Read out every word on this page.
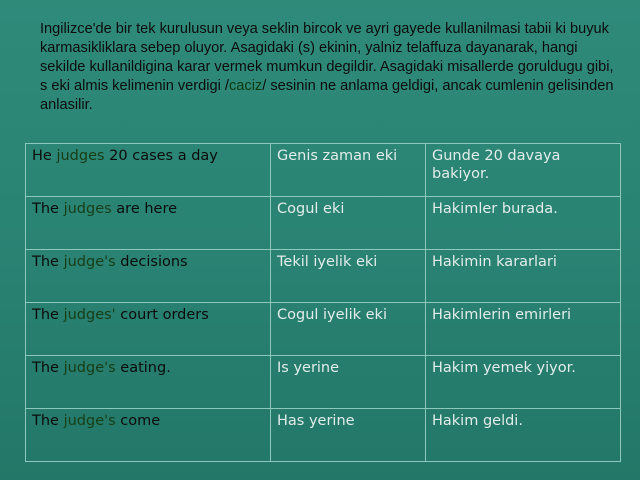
Ingilizce'de bir tek kurulusun veya seklin bircok ve ayri gayede kullanilmasi tabii ki buyuk karmasikliklara sebep oluyor. Asagidaki (s) ekinin, yalniz telaffuza dayanarak, hangi sekilde kullanildigina karar vermek mumkun degildir. Asagidaki misallerde goruldugu gibi, s eki almis kelimenin verdigi /caciz/ sesinin ne anlama geldigi, ancak cumlenin gelisinden anlasilir.
He judges 20 cases a day	Genis zaman eki	Gunde 20 davaya bakiyor.
The judges are here	Cogul eki	Hakimler burada.
The judge's decisions	Tekil iyelik eki	Hakimin kararlari
The judges' court orders	Cogul iyelik eki	Hakimlerin emirleri
The judge's eating.	Is yerine	Hakim yemek yiyor.
The judge's come	Has yerine	Hakim geldi.
